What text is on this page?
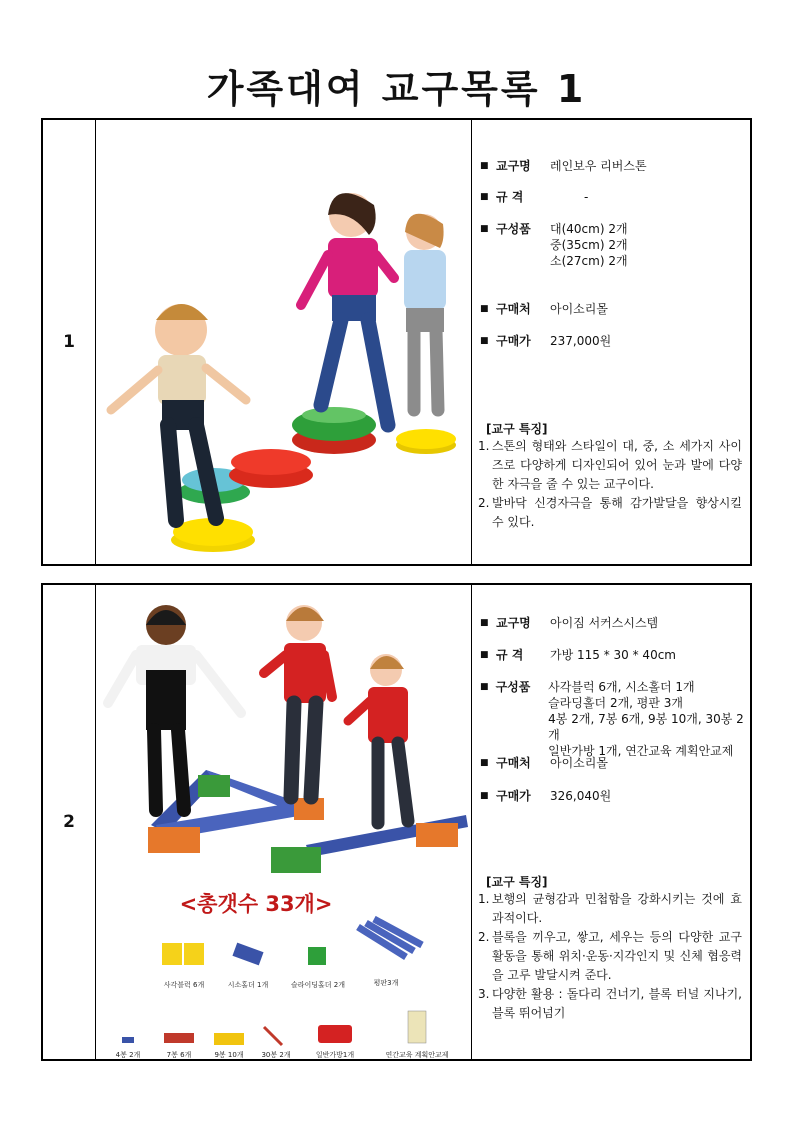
가족대여 교구목록 1
1
■ 교구명	레인보우 리버스톤
■ 규 격	-
■ 구성품	대(40cm) 2개
중(35cm) 2개
소(27cm) 2개
■ 구매처	아이소리몰
■ 구매가	237,000원
[교구 특징]
1. 스톤의 형태와 스타일이 대, 중, 소 세가지 사이즈로 다양하게 디자인되어 있어 눈과 발에 다양한 자극을 줄 수 있는 교구이다.
2. 발바닥 신경자극을 통해 감가발달을 향상시킬 수 있다.
2
<총갯수 33개>
사각블럭 6개	시소홀더 1개	슬라이딩홀더 2개	평판3개
4봉 2개	7봉 6개	9봉 10개	30봉 2개	일반가방1개	연간교육 계획안교제
■ 교구명	아이짐 서커스시스템
■ 규 격	가방 115 * 30 * 40cm
■ 구성품	사각블럭 6개, 시소홀더 1개
슬라딩홀더 2개, 평판 3개
4봉 2개, 7봉 6개, 9봉 10개, 30봉 2개
일반가방 1개, 연간교육 계획안교제
■ 구매처	아이소리몰
■ 구매가	326,040원
[교구 특징]
1. 보행의 균형감과 민첩함을 강화시키는 것에 효과적이다.
2. 블록을 끼우고, 쌓고, 세우는 등의 다양한 교구 활동을 통해 위치·운동·지각인지 및 신체 협응력을 고루 발달시켜 준다.
3. 다양한 활용 : 돌다리 건너기, 블록 터널 지나기, 블록 뛰어넘기
